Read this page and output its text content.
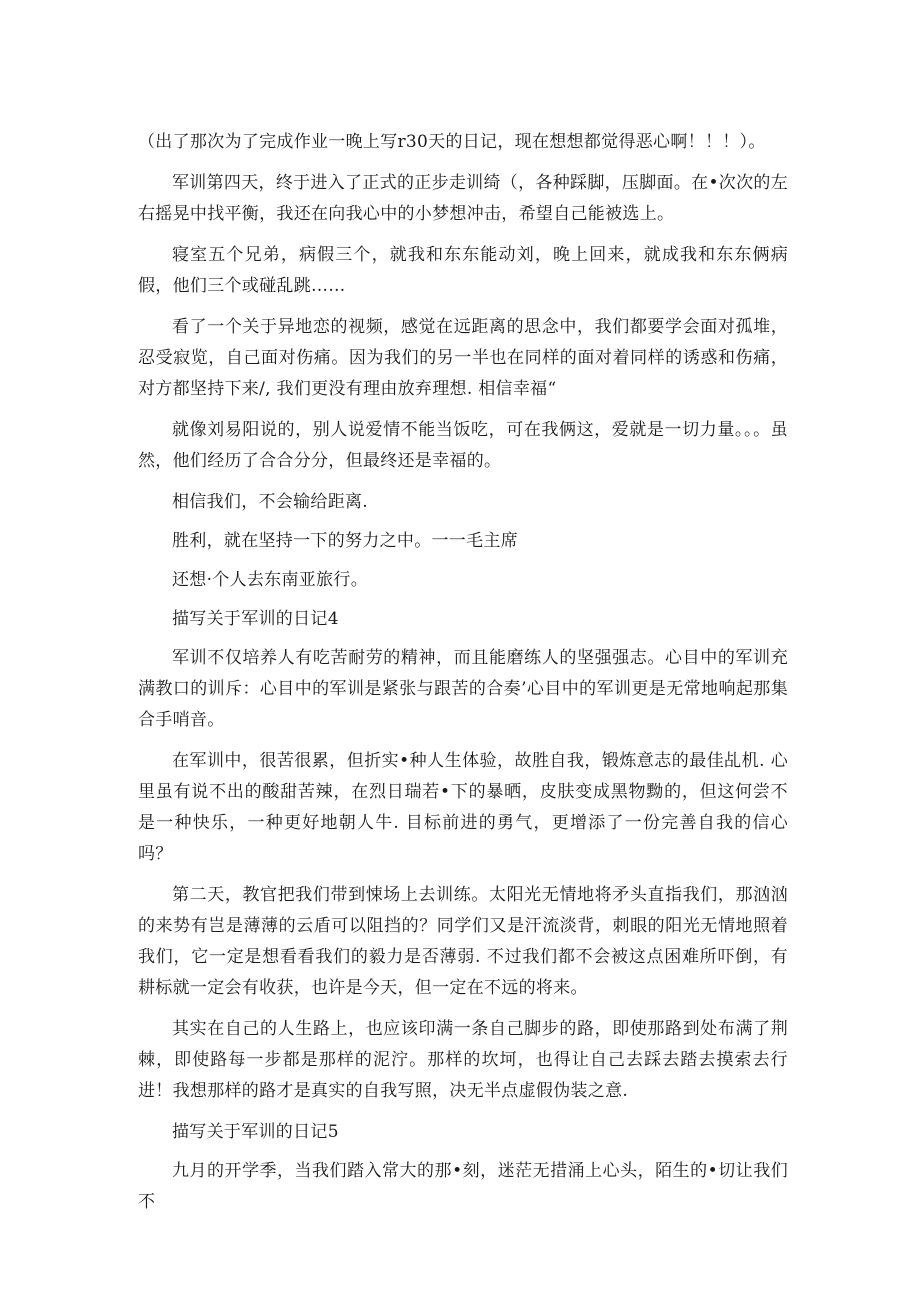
（出了那次为了完成作业一晚上写r30天的日记，现在想想都觉得恶心啊！！！）。

军训第四天，终于进入了正式的正步走训绮（，各种踩脚，压脚面。在•次次的左右摇晃中找平衡，我还在向我心中的小梦想冲击，希望自己能被选上。

寝室五个兄弟，病假三个，就我和东东能动刘，晚上回来，就成我和东东俩病假，他们三个或碰乱跳……

看了一个关于异地恋的视频，感觉在远距离的思念中，我们都要学会面对孤堆，忍受寂览，自己面对伤痛。因为我们的另一半也在同样的面对着同样的诱惑和伤痛，对方都坚持下来/, 我们更没有理由放弃理想. 相信幸福“

就像刘易阳说的，别人说爱情不能当饭吃，可在我俩这，爱就是一切力量。。。虽然，他们经历了合合分分，但最终还是幸福的。

相信我们，不会输给距离.

胜利，就在坚持一下的努力之中。一一毛主席

还想·个人去东南亚旅行。

描写关于军训的日记4

军训不仅培养人有吃苦耐劳的精神，而且能磨练人的坚强强志。心目中的军训充满教口的训斥：心目中的军训是紧张与跟苦的合奏’心目中的军训更是无常地响起那集合手哨音。

在军训中，很苦很累，但折实•种人生体验，故胜自我，锻炼意志的最佳乩机. 心里虽有说不出的酸甜苦辣，在烈日瑞若•下的暴晒，皮肤变成黑物黝的，但这何尝不是一种快乐，一种更好地朝人牛. 目标前进的勇气，更增添了一份完善自我的信心吗？

第二天，教官把我们带到悚场上去训练。太阳光无情地将矛头直指我们，那汹汹的来势有岂是薄薄的云盾可以阻挡的？同学们又是汗流淡背，刺眼的阳光无情地照着我们，它一定是想看看我们的毅力是否薄弱. 不过我们都不会被这点困难所吓倒，有耕标就一定会有收获，也许是今天，但一定在不远的将来。

其实在自己的人生路上，也应该印满一条自己脚步的路，即使那路到处布满了荆棘，即使路每一步都是那样的泥泞。那样的坎坷，也得让自己去踩去踏去摸索去行进！我想那样的路才是真实的自我写照，决无半点虚假伪装之意.

描写关于军训的日记5

九月的开学季，当我们踏入常大的那•刻，迷茫无措涌上心头，陌生的•切让我们不
